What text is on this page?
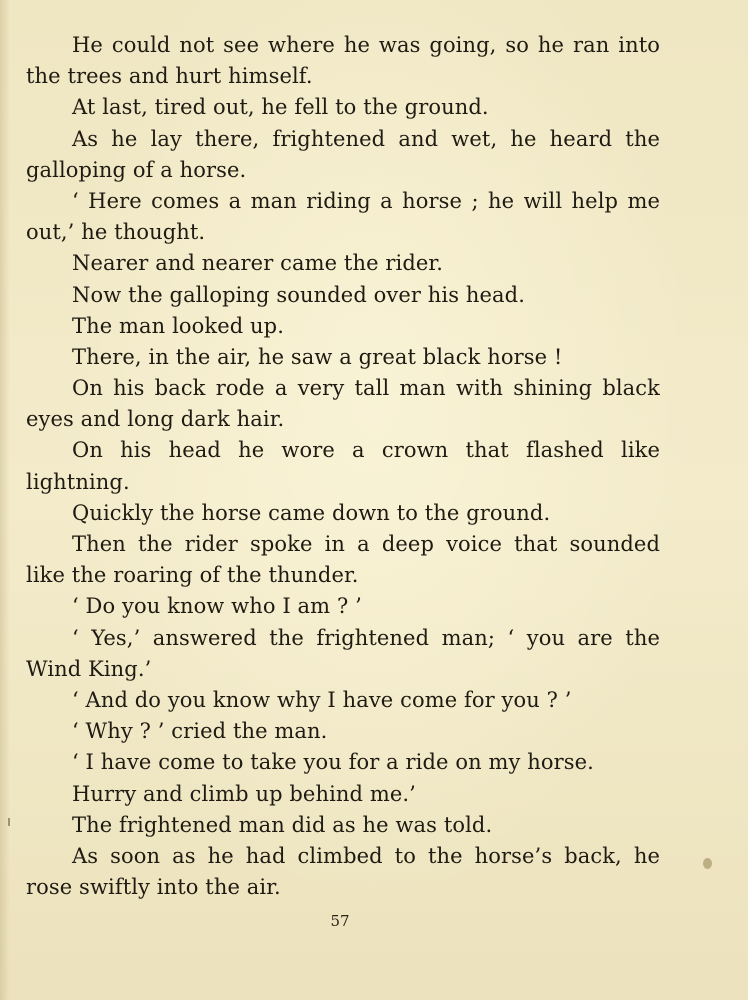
He could not see where he was going, so he ran into
the trees and hurt himself.
At last, tired out, he fell to the ground.
As he lay there, frightened and wet, he heard the
galloping of a horse.
‘ Here comes a man riding a horse ; he will help me
out,’ he thought.
Nearer and nearer came the rider.
Now the galloping sounded over his head.
The man looked up.
There, in the air, he saw a great black horse !
On his back rode a very tall man with shining black
eyes and long dark hair.
On his head he wore a crown that flashed like
lightning.
Quickly the horse came down to the ground.
Then the rider spoke in a deep voice that sounded
like the roaring of the thunder.
‘ Do you know who I am ? ’
‘ Yes,’ answered the frightened man; ‘ you are the
Wind King.’
‘ And do you know why I have come for you ? ’
‘ Why ? ’ cried the man.
‘ I have come to take you for a ride on my horse.
Hurry and climb up behind me.’
The frightened man did as he was told.
As soon as he had climbed to the horse’s back, he
rose swiftly into the air.
57
